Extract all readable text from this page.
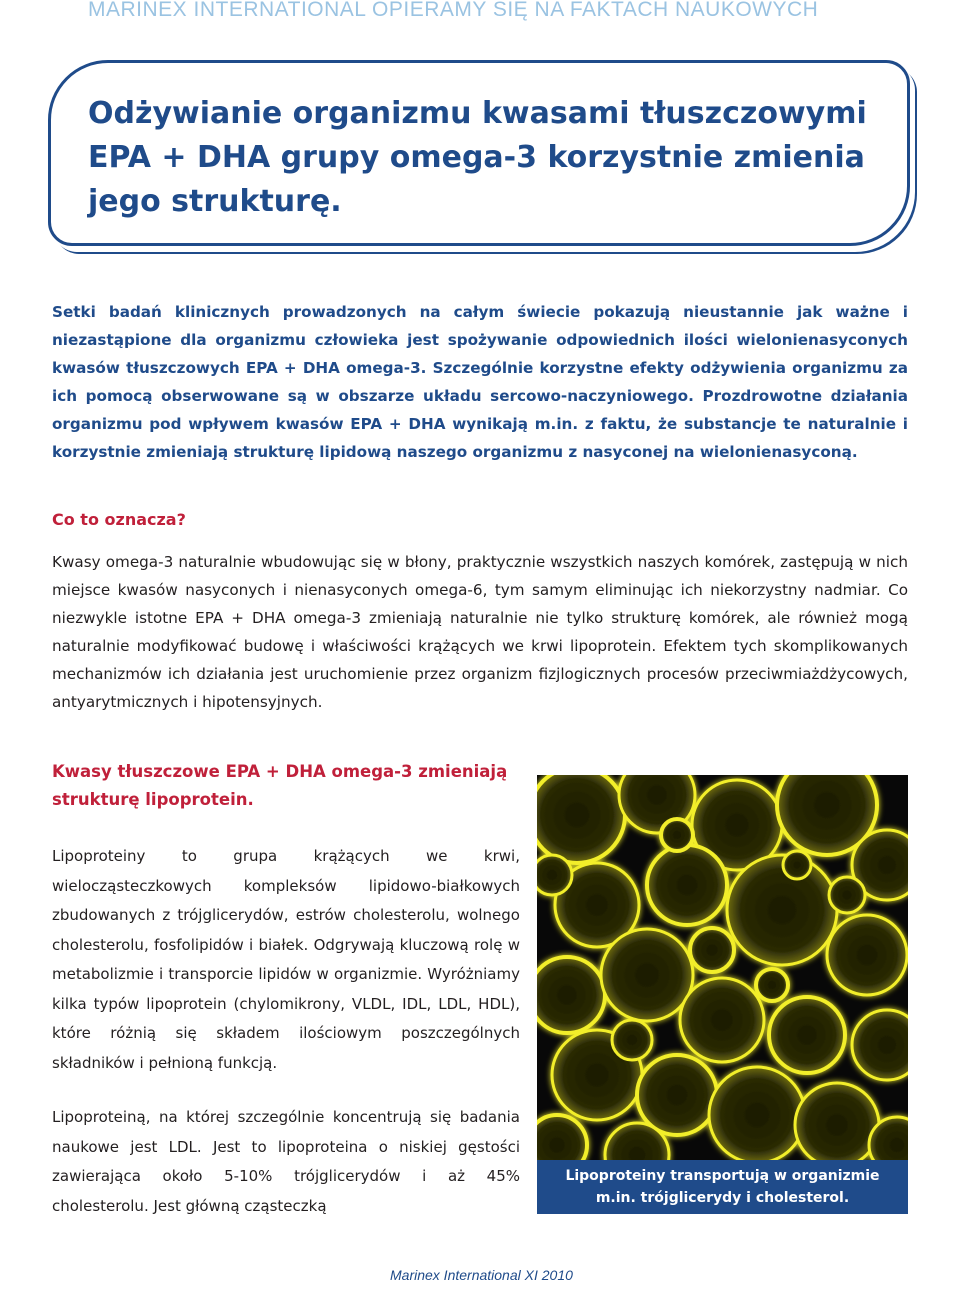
MARINEX INTERNATIONAL OPIERAMY SIĘ NA FAKTACH NAUKOWYCH
Odżywianie organizmu kwasami tłuszczowymi EPA + DHA grupy omega-3 korzystnie zmienia jego strukturę.

Setki badań klinicznych prowadzonych na całym świecie pokazują nieustannie jak ważne i niezastąpione dla organizmu człowieka jest spożywanie odpowiednich ilości wielonienasyconych kwasów tłuszczowych EPA + DHA omega-3. Szczególnie korzystne efekty odżywienia organizmu za ich pomocą obserwowane są w obszarze układu sercowo-naczyniowego. Prozdrowotne działania organizmu pod wpływem kwasów EPA + DHA wynikają m.in. z faktu, że substancje te naturalnie i korzystnie zmieniają strukturę lipidową naszego organizmu z nasyconej na wielonienasyconą.

Co to oznacza?

Kwasy omega-3 naturalnie wbudowując się w błony, praktycznie wszystkich naszych komórek, zastępują w nich miejsce kwasów nasyconych i nienasyconych omega-6, tym samym eliminując ich niekorzystny nadmiar. Co niezwykle istotne EPA + DHA omega-3 zmieniają naturalnie nie tylko strukturę komórek, ale również mogą naturalnie modyfikować budowę i właściwości krążących we krwi lipoprotein. Efektem tych skomplikowanych mechanizmów ich działania jest uruchomienie przez organizm fizjlogicznych procesów przeciwmiażdżycowych, antyarytmicznych i hipotensyjnych.

Kwasy tłuszczowe EPA + DHA omega-3 zmieniają strukturę lipoprotein.

Lipoproteiny to grupa krążących we krwi, wielocząsteczkowych kompleksów lipidowo-białkowych zbudowanych z trójglicerydów, estrów cholesterolu, wolnego cholesterolu, fosfolipidów i białek. Odgrywają kluczową rolę w metabolizmie i transporcie lipidów w organizmie. Wyróżniamy kilka typów lipoprotein (chylomikrony, VLDL, IDL, LDL, HDL), które różnią się składem ilościowym poszczególnych składników i pełnioną funkcją.

Lipoproteiną, na której szczególnie koncentrują się badania naukowe jest LDL. Jest to lipoproteina o niskiej gęstości zawierająca około 5-10% trójglicerydów i aż 45% cholesterolu. Jest główną cząsteczką

Lipoproteiny transportują w organizmie
m.in. trójglicerydy i cholesterol.
Marinex International XI 2010
